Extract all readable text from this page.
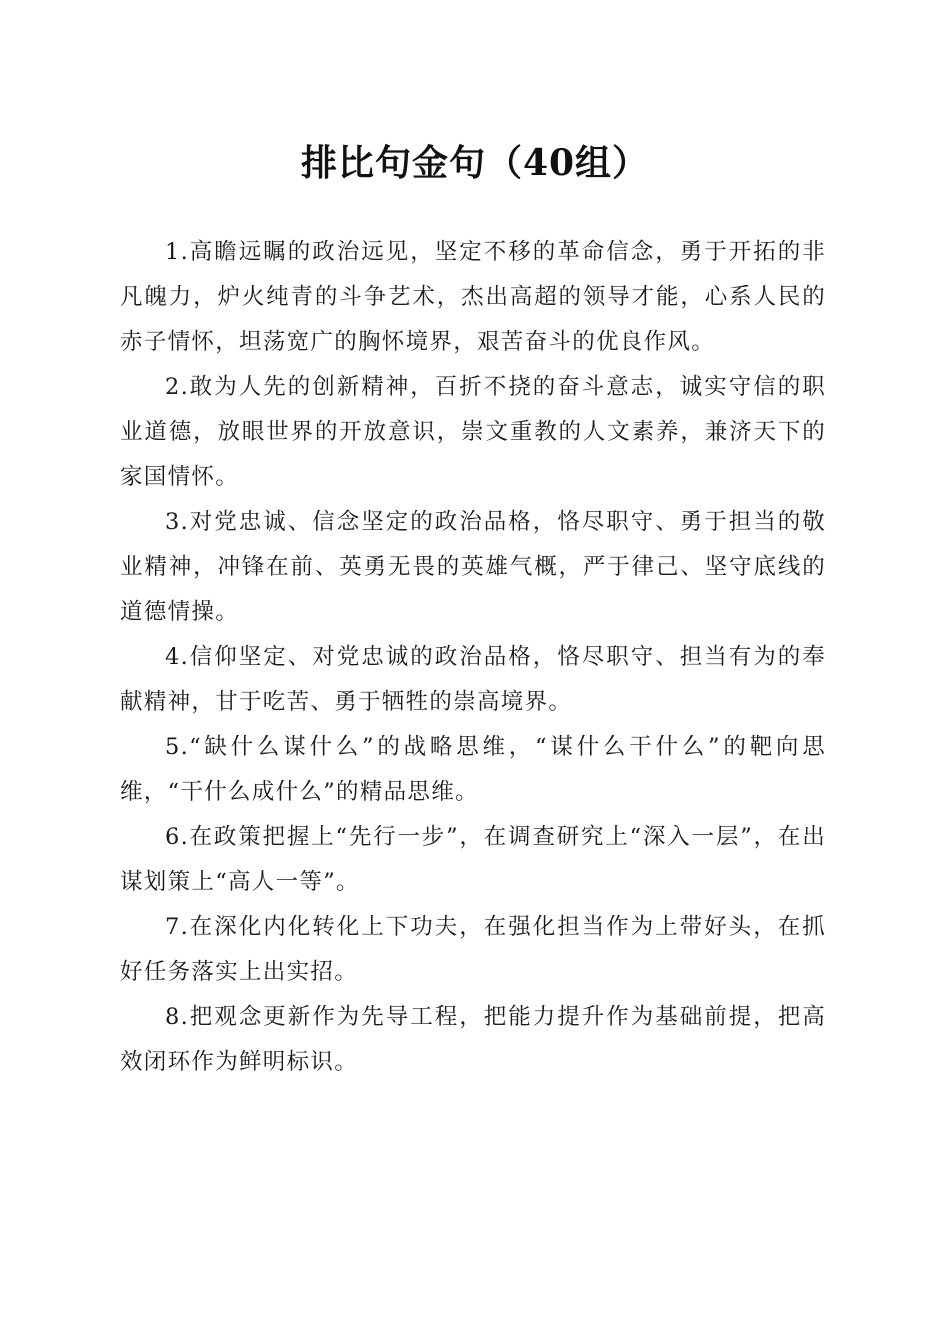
排比句金句（40组）

1.高瞻远瞩的政治远见，坚定不移的革命信念，勇于开拓的非凡魄力，炉火纯青的斗争艺术，杰出高超的领导才能，心系人民的赤子情怀，坦荡宽广的胸怀境界，艰苦奋斗的优良作风。

2.敢为人先的创新精神，百折不挠的奋斗意志，诚实守信的职业道德，放眼世界的开放意识，崇文重教的人文素养，兼济天下的家国情怀。

3.对党忠诚、信念坚定的政治品格，恪尽职守、勇于担当的敬业精神，冲锋在前、英勇无畏的英雄气概，严于律己、坚守底线的道德情操。

4.信仰坚定、对党忠诚的政治品格，恪尽职守、担当有为的奉献精神，甘于吃苦、勇于牺牲的崇高境界。

5.“缺什么谋什么”的战略思维，“谋什么干什么”的靶向思维，“干什么成什么”的精品思维。

6.在政策把握上“先行一步”，在调查研究上“深入一层”，在出谋划策上“高人一等”。

7.在深化内化转化上下功夫，在强化担当作为上带好头，在抓好任务落实上出实招。

8.把观念更新作为先导工程，把能力提升作为基础前提，把高效闭环作为鲜明标识。
